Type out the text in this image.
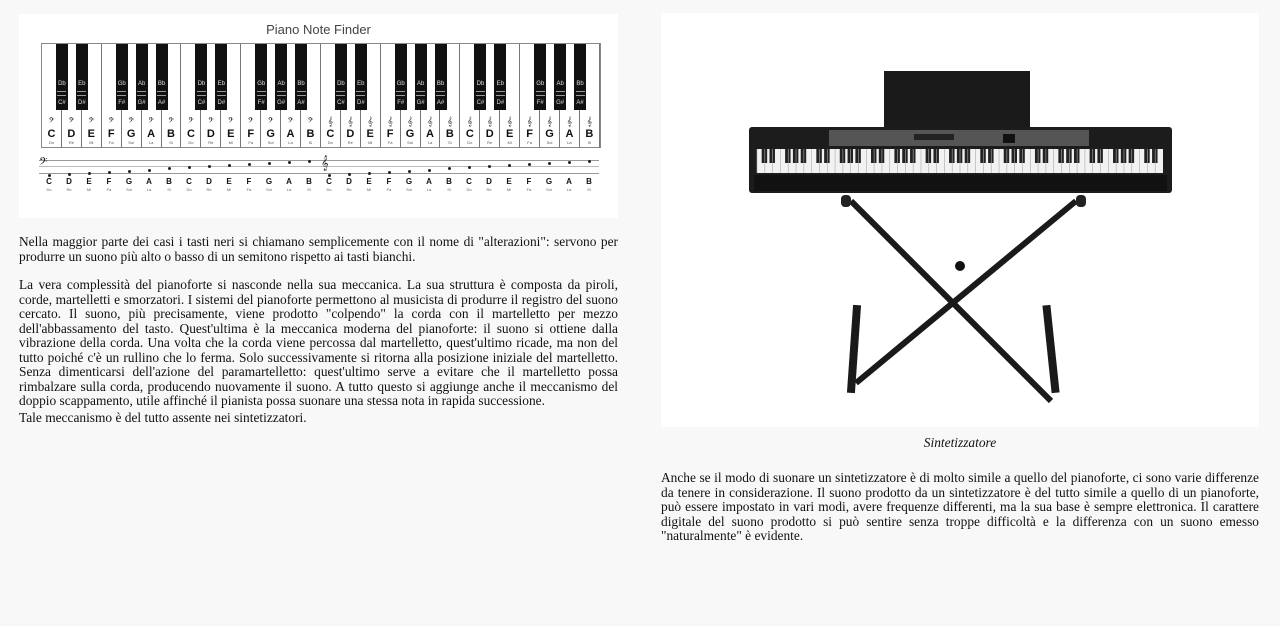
Piano Note Finder
𝄢
C
Do
𝄢
D
Re
𝄢
E
Mi
𝄢
F
Fa
𝄢
G
Sol
𝄢
A
La
𝄢
B
Si
𝄢
C
Do
𝄢
D
Re
𝄢
E
Mi
𝄢
F
Fa
𝄢
G
Sol
𝄢
A
La
𝄢
B
Si
𝄞
C
Do
𝄞
D
Re
𝄞
E
Mi
𝄞
F
Fa
𝄞
G
Sol
𝄞
A
La
𝄞
B
Si
𝄞
C
Do
𝄞
D
Re
𝄞
E
Mi
𝄞
F
Fa
𝄞
G
Sol
𝄞
A
La
𝄞
B
Si
Db
C#
Eb
D#
Gb
F#
Ab
G#
Bb
A#
Db
C#
Eb
D#
Gb
F#
Ab
G#
Bb
A#
Db
C#
Eb
D#
Gb
F#
Ab
G#
Bb
A#
Db
C#
Eb
D#
Gb
F#
Ab
G#
Bb
A#
𝄢	𝄞
C
Do
D
Re
E
Mi
F
Fa
G
Sol
A
La
B
Si
C
Do
D
Re
E
Mi
F
Fa
G
Sol
A
La
B
Si
C
Do
D
Re
E
Mi
F
Fa
G
Sol
A
La
B
Si
C
Do
D
Re
E
Mi
F
Fa
G
Sol
A
La
B
Si

Nella maggior parte dei casi i tasti neri si chiamano semplicemente con il nome di "alterazioni": servono per produrre un suono più alto o basso di un semitono rispetto ai tasti bianchi.

La vera complessità del pianoforte si nasconde nella sua meccanica. La sua struttura è composta da piroli, corde, martelletti e smorzatori. I sistemi del pianoforte permettono al musicista di produrre il registro del suono cercato. Il suono, più precisamente, viene prodotto "colpendo" la corda con il martelletto per mezzo dell'abbassamento del tasto. Quest'ultima è la meccanica moderna del pianoforte: il suono si ottiene dalla vibrazione della corda. Una volta che la corda viene percossa dal martelletto, quest'ultimo ricade, ma non del tutto poiché c'è un rullino che lo ferma. Solo successivamente si ritorna alla posizione iniziale del martelletto. Senza dimenticarsi dell'azione del paramartelletto: quest'ultimo serve a evitare che il martelletto possa rimbalzare sulla corda, producendo nuovamente il suono. A tutto questo si aggiunge anche il meccanismo del doppio scappamento, utile affinché il pianista possa suonare una stessa nota in rapida successione.

Tale meccanismo è del tutto assente nei sintetizzatori.

Sintetizzatore

Anche se il modo di suonare un sintetizzatore è di molto simile a quello del pianoforte, ci sono varie differenze da tenere in considerazione. Il suono prodotto da un sintetizzatore è del tutto simile a quello di un pianoforte, può essere impostato in vari modi, avere frequenze differenti, ma la sua base è sempre elettronica. Il carattere digitale del suono prodotto si può sentire senza troppe difficoltà e la differenza con un suono emesso "naturalmente" è evidente.
